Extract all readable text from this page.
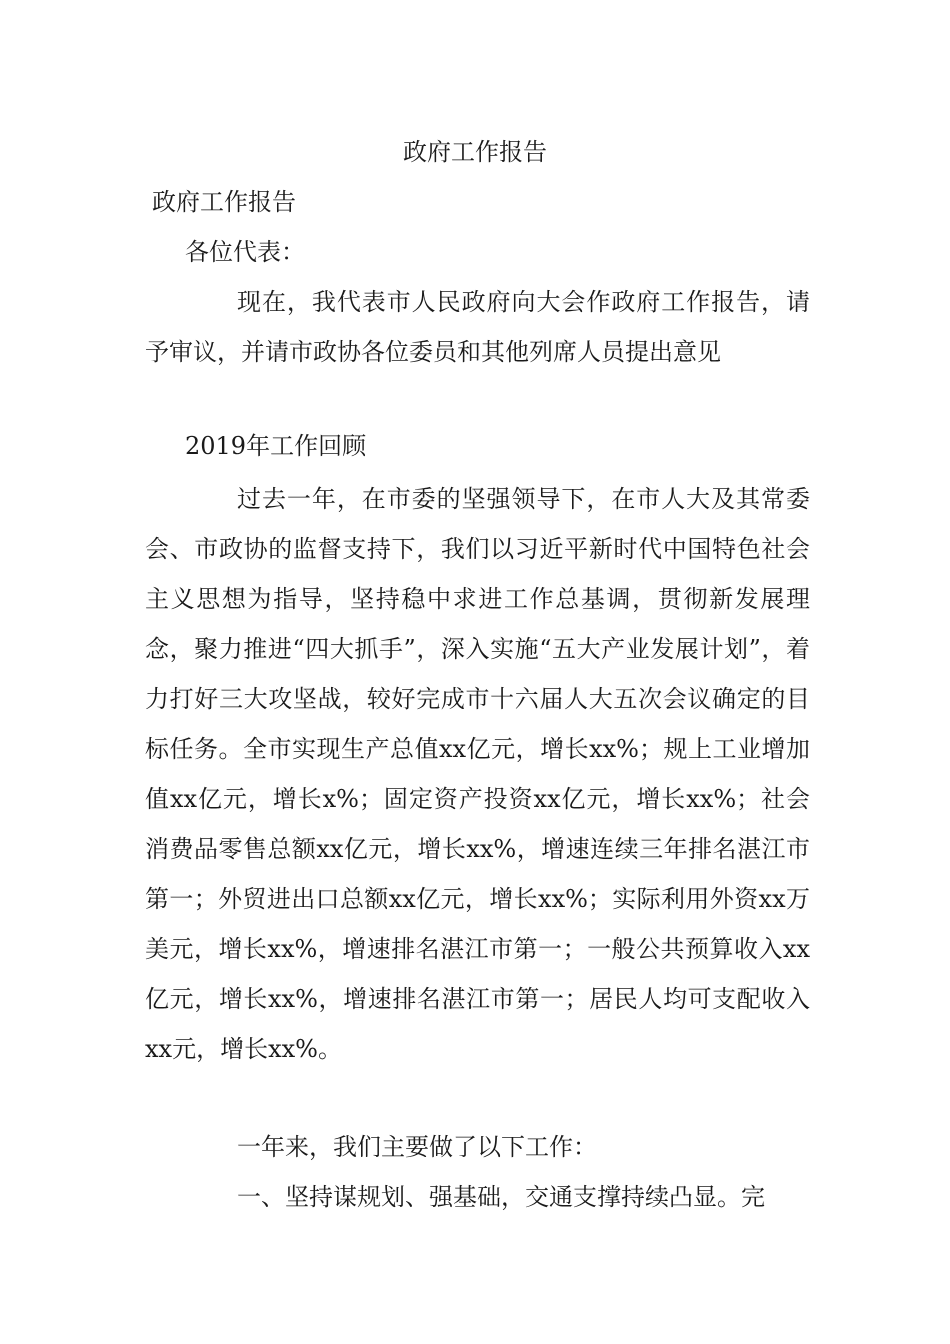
政府工作报告
政府工作报告
各位代表：

现在，我代表市人民政府向大会作政府工作报告，请予审议，并请市政协各位委员和其他列席人员提出意见

2019年工作回顾

过去一年，在市委的坚强领导下，在市人大及其常委会、市政协的监督支持下，我们以习近平新时代中国特色社会主义思想为指导，坚持稳中求进工作总基调，贯彻新发展理念，聚力推进“四大抓手”，深入实施“五大产业发展计划”，着力打好三大攻坚战，较好完成市十六届人大五次会议确定的目标任务。全市实现生产总值xx亿元，增长xx%；规上工业增加值xx亿元，增长x%；固定资产投资xx亿元，增长xx%；社会消费品零售总额xx亿元，增长xx%，增速连续三年排名湛江市第一；外贸进出口总额xx亿元，增长xx%；实际利用外资xx万美元，增长xx%，增速排名湛江市第一；一般公共预算收入xx亿元，增长xx%，增速排名湛江市第一；居民人均可支配收入xx元，增长xx%。

一年来，我们主要做了以下工作：

一、坚持谋规划、强基础，交通支撑持续凸显。完
